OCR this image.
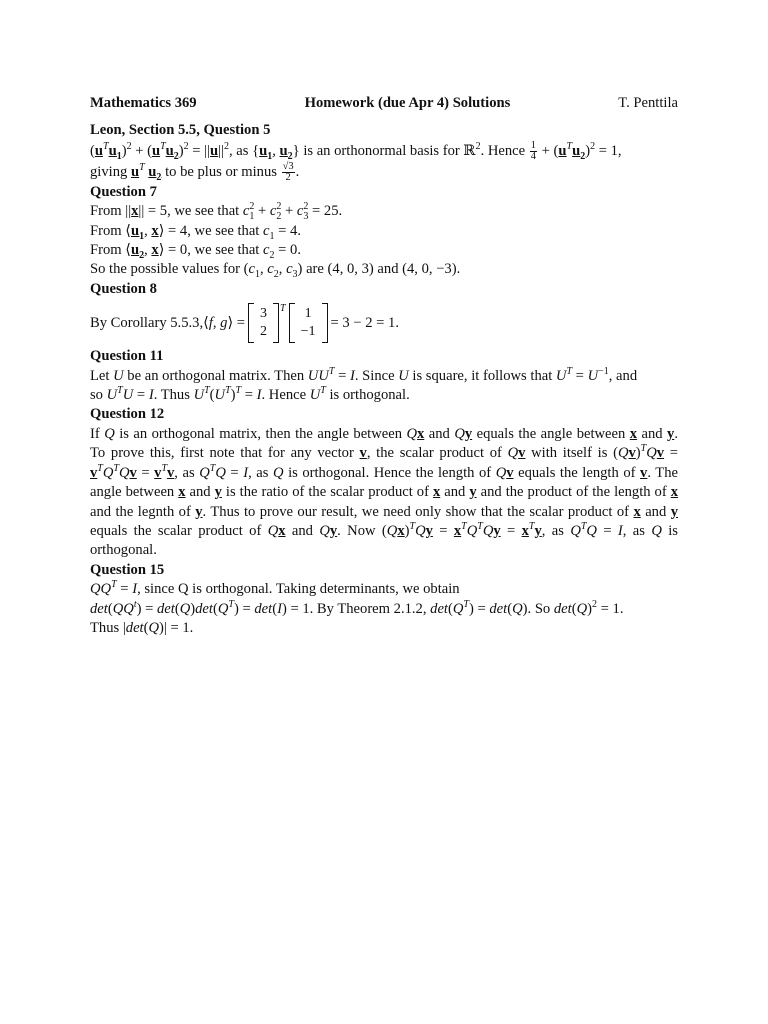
Mathematics 369	Homework (due Apr 4) Solutions	T. Penttila
Leon, Section 5.5, Question 5
$(u^Tu_1)^2 + (u^Tu_2)^2 = ||u||^2$, as {$u_1$, $u_2$} is an orthonormal basis for ℝ$^2$. Hence $\frac{1}{4} + (u^Tu_2)^2 = 1$,
giving $u^T$ $u_2$ to be plus or minus $\frac{√3}{2}$ .
Question 7
From ||x|| = 5, we see that $c^2_1 + c^2_2 + c^2_3 = 25$.
From $⟨u_1$, x⟩ = 4, we see that $c_1 = 4$.
From $⟨u_2$, x⟩ = 0, we see that $c_2 = 0$.
So the possible values for ($c_1$, $c_2$, $c_3$) are (4, 0, 3) and (4, 0, −3).
Question 8
By Corollary 5.5.3, ⟨f, g⟩ =
3
2
T 1
−1
= 3 − 2 = 1.
Question 11
Let U be an orthogonal matrix. Then $UU^T = I$. Since U is square, it follows that $U^T = U^{-1}$, and
so $U^TU = I$. Thus $U^T(U^T)^T = I$. Hence $U^T$ is orthogonal.
Question 12
If Q is an orthogonal matrix, then the angle between Qx and Qy equals the angle between x and y. To prove this, first note that for any vector v, the scalar product of Qv with itself is $(Qv)^TQv = v^TQ^TQv = v^Tv$, as $Q^TQ = I$, as Q is orthogonal. Hence the length of Qv equals the length of v. The angle between x and y is the ratio of the scalar product of x and y and the product of the length of x and the legnth of y. Thus to prove our result, we need only show that the scalar product of x and y equals the scalar product of Qx and Qy. Now $(Qx)^TQy = x^TQ^TQy = x^Ty$, as $Q^TQ = I$, as Q is orthogonal.
Question 15
$QQ^T = I$, since Q is orthogonal. Taking determinants, we obtain
$\det(QQ^t) = \det(Q)\det(Q^T) = \det(I) = 1$. By Theorem 2.1.2, $\det(Q^T) = \det(Q)$. So $\det(Q)^2 = 1$.
Thus |det(Q)| = 1.
